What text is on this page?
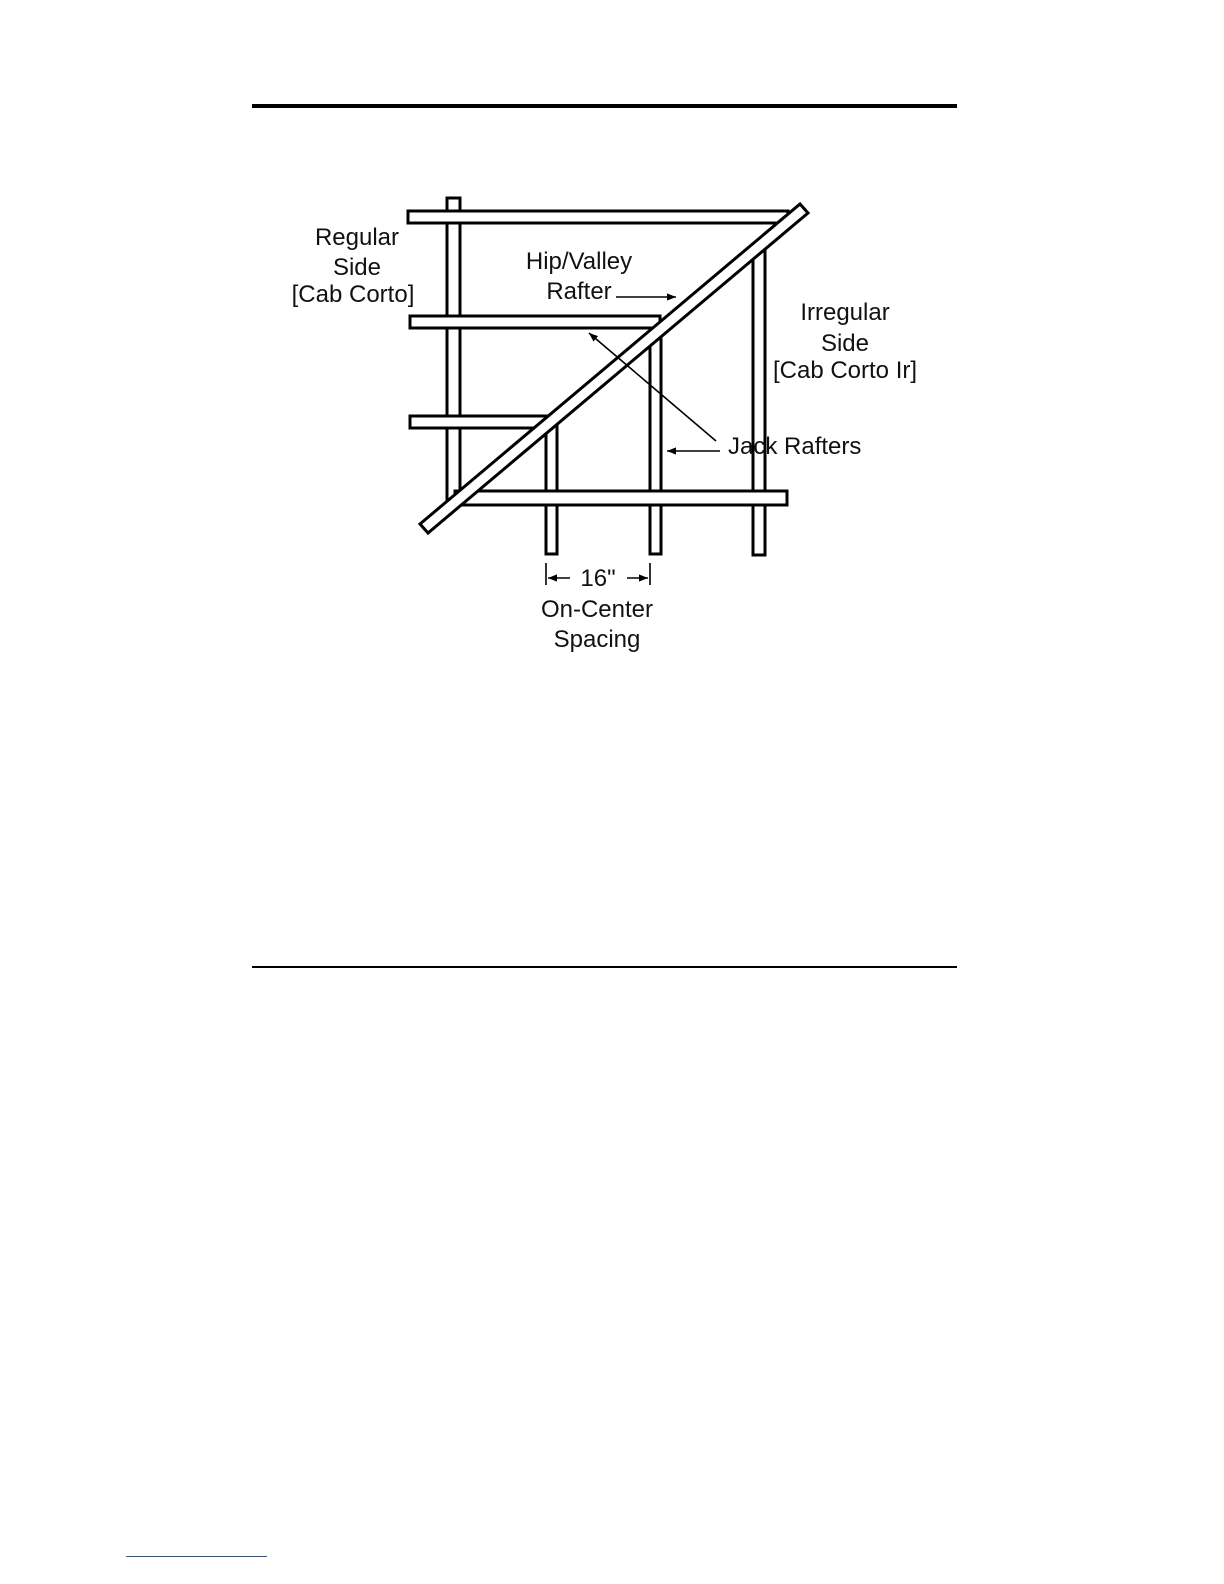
Regular
Side
[Cab Corto]
Hip/Valley
Rafter
Irregular
Side
[Cab Corto Ir]
Jack Rafters
16"
On-Center
Spacing
